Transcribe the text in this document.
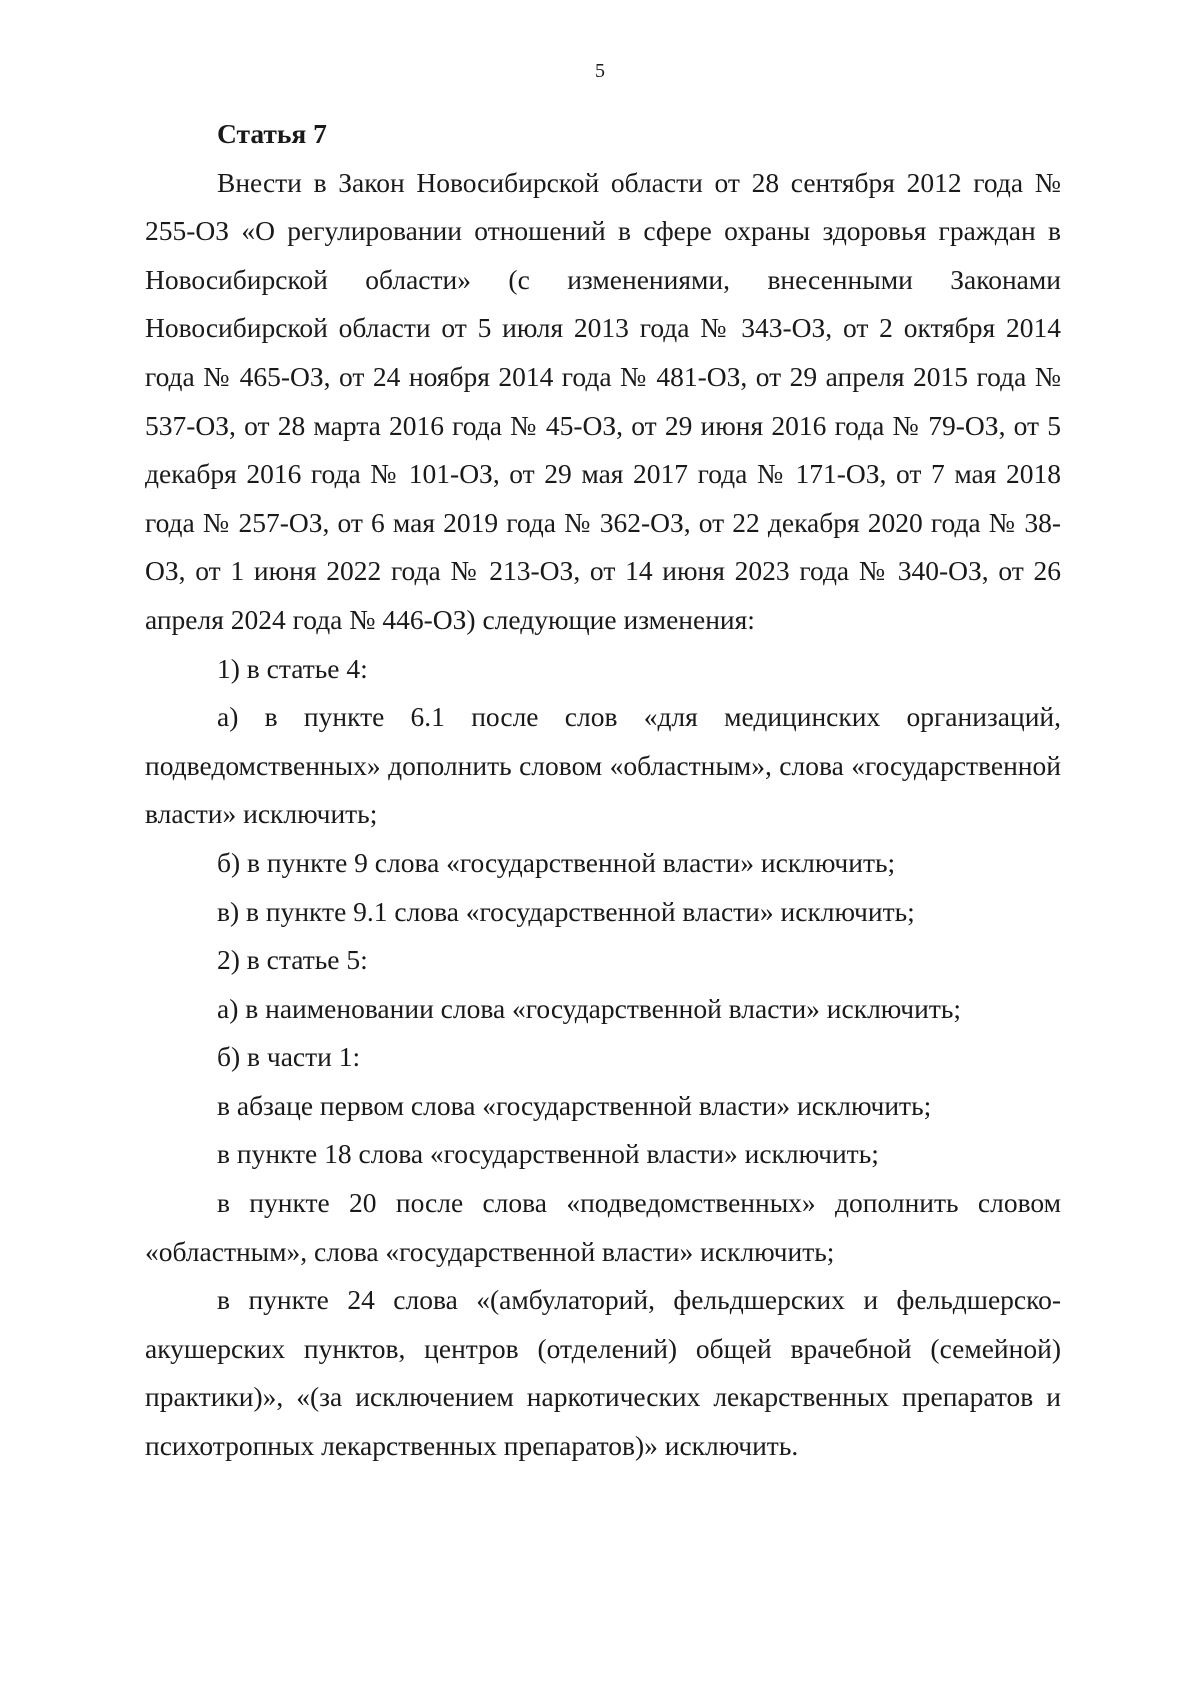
5

Статья 7

Внести в Закон Новосибирской области от 28 сентября 2012 года № 255-ОЗ «О регулировании отношений в сфере охраны здоровья граждан в Новосибирской области» (с изменениями, внесенными Законами Новосибирской области от 5 июля 2013 года № 343-ОЗ, от 2 октября 2014 года № 465-ОЗ, от 24 ноября 2014 года № 481-ОЗ, от 29 апреля 2015 года № 537-ОЗ, от 28 марта 2016 года № 45-ОЗ, от 29 июня 2016 года № 79-ОЗ, от 5 декабря 2016 года № 101-ОЗ, от 29 мая 2017 года № 171-ОЗ, от 7 мая 2018 года № 257-ОЗ, от 6 мая 2019 года № 362-ОЗ, от 22 декабря 2020 года № 38-ОЗ, от 1 июня 2022 года № 213-ОЗ, от 14 июня 2023 года № 340-ОЗ, от 26 апреля 2024 года № 446-ОЗ) следующие изменения:

1) в статье 4:

а) в пункте 6.1 после слов «для медицинских организаций, подведомственных» дополнить словом «областным», слова «государственной власти» исключить;

б) в пункте 9 слова «государственной власти» исключить;

в) в пункте 9.1 слова «государственной власти» исключить;

2) в статье 5:

а) в наименовании слова «государственной власти» исключить;

б) в части 1:

в абзаце первом слова «государственной власти» исключить;

в пункте 18 слова «государственной власти» исключить;

в пункте 20 после слова «подведомственных» дополнить словом «областным», слова «государственной власти» исключить;

в пункте 24 слова «(амбулаторий, фельдшерских и фельдшерско-акушерских пунктов, центров (отделений) общей врачебной (семейной) практики)», «(за исключением наркотических лекарственных препаратов и психотропных лекарственных препаратов)» исключить.
